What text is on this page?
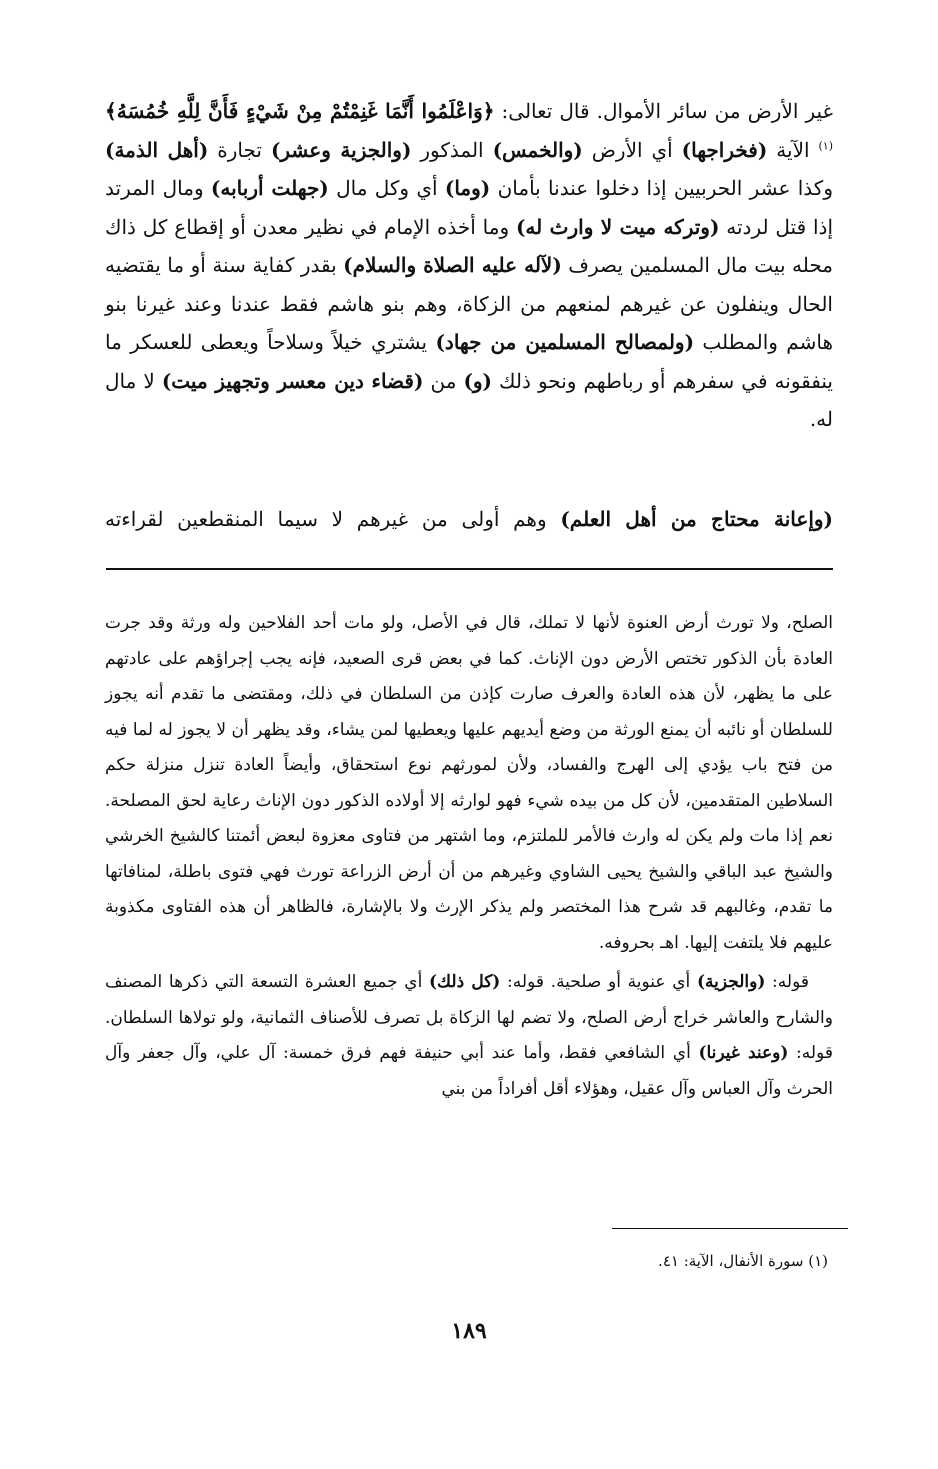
غير الأرض من سائر الأموال. قال تعالى: ﴿وَاعْلَمُوا أَنَّمَا غَنِمْتُمْ مِنْ شَيْءٍ فَأَنَّ لِلَّهِ خُمُسَهُ﴾$^{(١)}$ الآية (فخراجها) أي الأرض (والخمس) المذكور (والجزية وعشر) تجارة (أهل الذمة) وكذا عشر الحربيين إذا دخلوا عندنا بأمان (وما) أي وكل مال (جهلت أربابه) ومال المرتد إذا قتل لردته (وتركه ميت لا وارث له) وما أخذه الإمام في نظير معدن أو إقطاع كل ذاك محله بيت مال المسلمين يصرف (لآله عليه الصلاة والسلام) بقدر كفاية سنة أو ما يقتضيه الحال وينفلون عن غيرهم لمنعهم من الزكاة، وهم بنو هاشم فقط عندنا وعند غيرنا بنو هاشم والمطلب (ولمصالح المسلمين من جهاد) يشتري خيلاً وسلاحاً ويعطى للعسكر ما ينفقونه في سفرهم أو رباطهم ونحو ذلك (و) من (قضاء دين معسر وتجهيز ميت) لا مال له.

(وإعانة محتاج من أهل العلم) وهم أولى من غيرهم لا سيما المنقطعين لقراءته

الصلح، ولا تورث أرض العنوة لأنها لا تملك، قال في الأصل، ولو مات أحد الفلاحين وله ورثة وقد جرت العادة بأن الذكور تختص الأرض دون الإناث. كما في بعض قرى الصعيد، فإنه يجب إجراؤهم على عادتهم على ما يظهر، لأن هذه العادة والعرف صارت كإذن من السلطان في ذلك، ومقتضى ما تقدم أنه يجوز للسلطان أو نائبه أن يمنع الورثة من وضع أيديهم عليها ويعطيها لمن يشاء، وقد يظهر أن لا يجوز له لما فيه من فتح باب يؤدي إلى الهرج والفساد، ولأن لمورثهم نوع استحقاق، وأيضاً العادة تنزل منزلة حكم السلاطين المتقدمين، لأن كل من بيده شيء فهو لوارثه إلا أولاده الذكور دون الإناث رعاية لحق المصلحة. نعم إذا مات ولم يكن له وارث فالأمر للملتزم، وما اشتهر من فتاوى معزوة لبعض أئمتنا كالشيخ الخرشي والشيخ عبد الباقي والشيخ يحيى الشاوي وغيرهم من أن أرض الزراعة تورث فهي فتوى باطلة، لمنافاتها ما تقدم، وغالبهم قد شرح هذا المختصر ولم يذكر الإرث ولا بالإشارة، فالظاهر أن هذه الفتاوى مكذوبة عليهم فلا يلتفت إليها. اهـ بحروفه.

قوله: (والجزية) أي عنوية أو صلحية. قوله: (كل ذلك) أي جميع العشرة التسعة التي ذكرها المصنف والشارح والعاشر خراج أرض الصلح، ولا تضم لها الزكاة بل تصرف للأصناف الثمانية، ولو تولاها السلطان. قوله: (وعند غيرنا) أي الشافعي فقط، وأما عند أبي حنيفة فهم فرق خمسة: آل علي، وآل جعفر وآل الحرث وآل العباس وآل عقيل، وهؤلاء أقل أفراداً من بني

(١) سورة الأنفال، الآية: ٤١.

١٨٩
